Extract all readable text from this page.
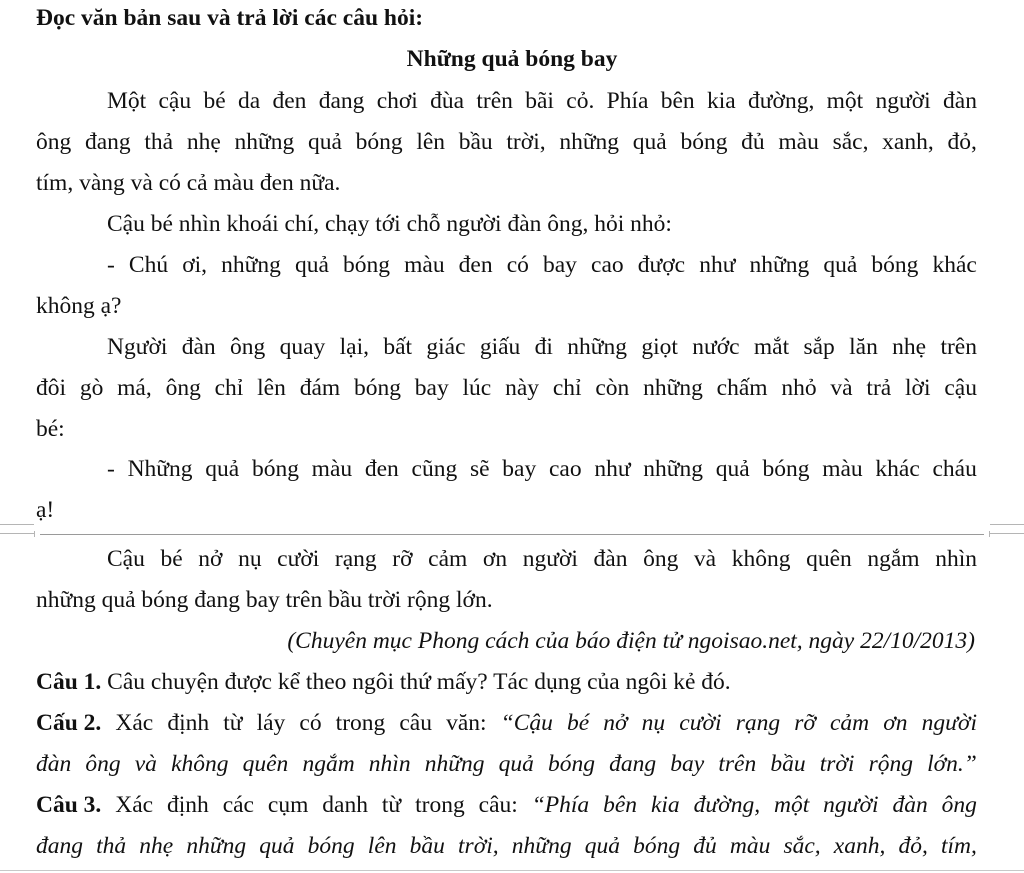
Đọc văn bản sau và trả lời các câu hỏi:
Những quả bóng bay
Một cậu bé da đen đang chơi đùa trên bãi cỏ. Phía bên kia đường, một người đàn
ông đang thả nhẹ những quả bóng lên bầu trời, những quả bóng đủ màu sắc, xanh, đỏ,
tím, vàng và có cả màu đen nữa.
Cậu bé nhìn khoái chí, chạy tới chỗ người đàn ông, hỏi nhỏ:
- Chú ơi, những quả bóng màu đen có bay cao được như những quả bóng khác
không ạ?
Người đàn ông quay lại, bất giác giấu đi những giọt nước mắt sắp lăn nhẹ trên
đôi gò má, ông chỉ lên đám bóng bay lúc này chỉ còn những chấm nhỏ và trả lời cậu
bé:
- Những quả bóng màu đen cũng sẽ bay cao như những quả bóng màu khác cháu
ạ!
Cậu bé nở nụ cười rạng rỡ cảm ơn người đàn ông và không quên ngắm nhìn
những quả bóng đang bay trên bầu trời rộng lớn.
(Chuyên mục Phong cách của báo điện tử ngoisao.net, ngày 22/10/2013)
Câu 1. Câu chuyện được kể theo ngôi thứ mấy? Tác dụng của ngôi kẻ đó.
Cấu 2. Xác định từ láy có trong câu văn: “Cậu bé nở nụ cười rạng rỡ cảm ơn người
đàn ông và không quên ngắm nhìn những quả bóng đang bay trên bầu trời rộng lớn.”
Câu 3. Xác định các cụm danh từ trong câu: “Phía bên kia đường, một người đàn ông
đang thả nhẹ những quả bóng lên bầu trời, những quả bóng đủ màu sắc, xanh, đỏ, tím,
